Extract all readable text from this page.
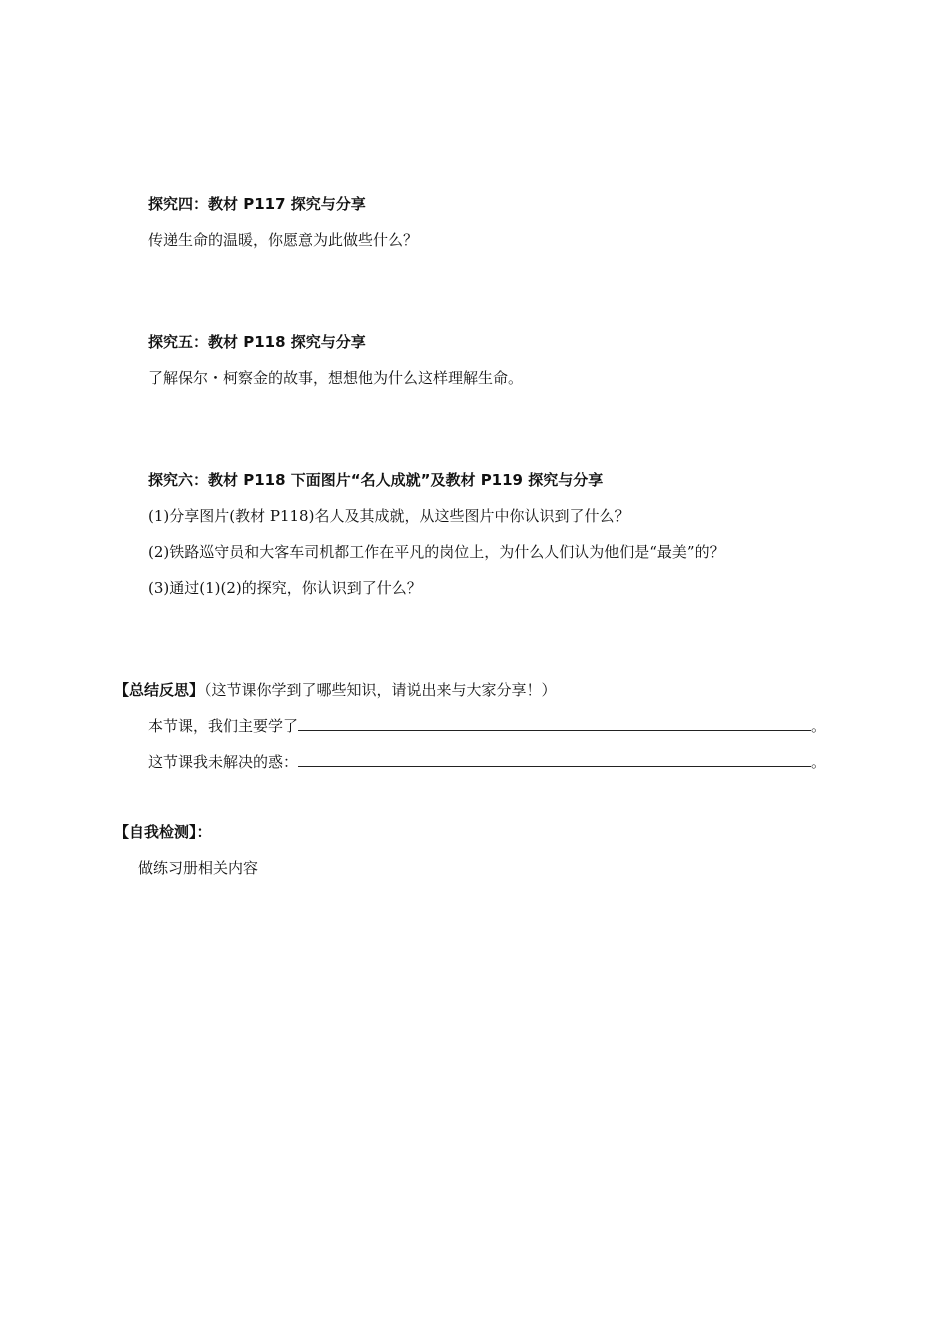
探究四：教材 P117 探究与分享
传递生命的温暖，你愿意为此做些什么？
探究五：教材 P118 探究与分享
了解保尔・柯察金的故事，想想他为什么这样理解生命。
探究六：教材 P118 下面图片“名人成就”及教材 P119 探究与分享
(1)分享图片(教材 P118)名人及其成就，从这些图片中你认识到了什么？
(2)铁路巡守员和大客车司机都工作在平凡的岗位上，为什么人们认为他们是“最美”的？
(3)通过(1)(2)的探究，你认识到了什么？
【总结反思】（这节课你学到了哪些知识，请说出来与大家分享！）
本节课，我们主要学了	。
这节课我未解决的惑：	。
【自我检测】：
做练习册相关内容
